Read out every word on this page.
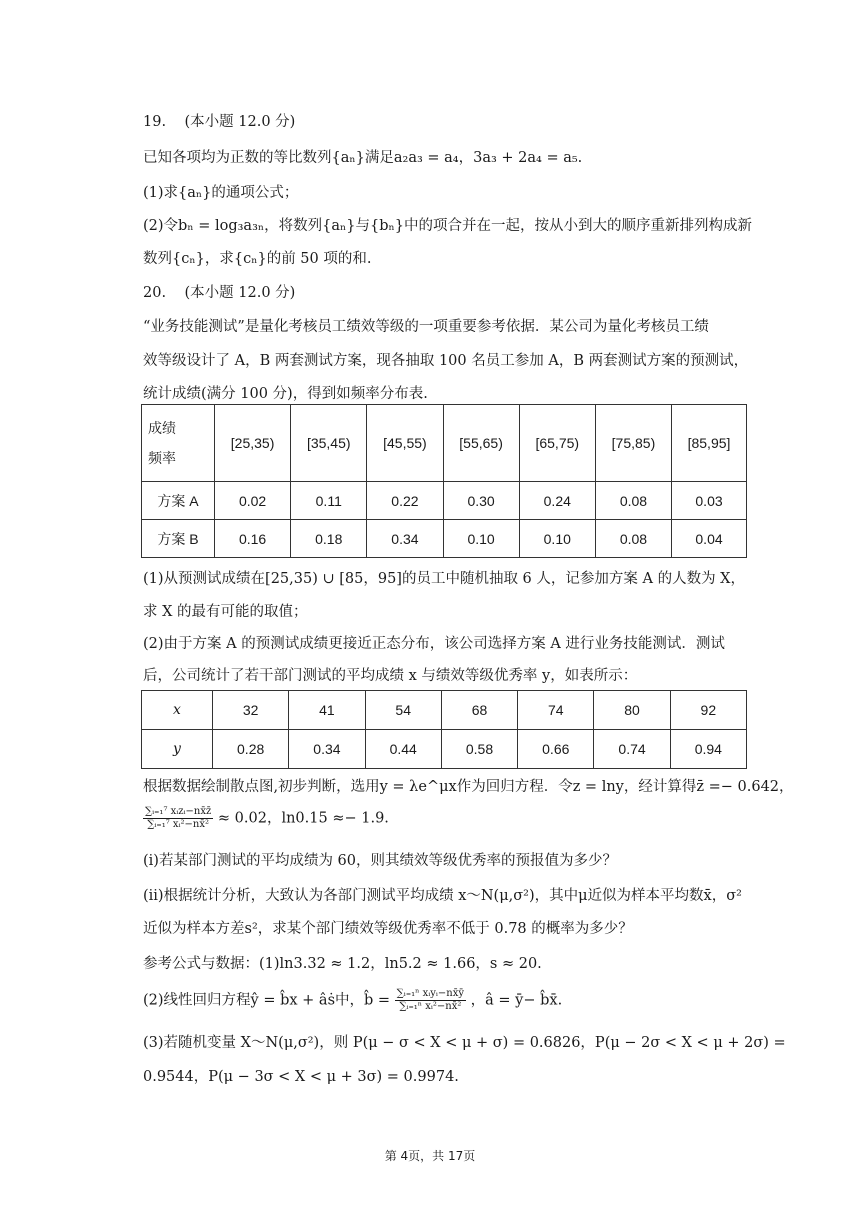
19. (本小题 12.0 分)
已知各项均为正数的等比数列{aₙ}满足a₂a₃ = a₄，3a₃ + 2a₄ = a₅.
(1)求{aₙ}的通项公式；
(2)令bₙ = log₃a₃ₙ，将数列{aₙ}与{bₙ}中的项合并在一起，按从小到大的顺序重新排列构成新
数列{cₙ}，求{cₙ}的前 50 项的和.
20. (本小题 12.0 分)
“业务技能测试”是量化考核员工绩效等级的一项重要参考依据．某公司为量化考核员工绩
效等级设计了 A，B 两套测试方案，现各抽取 100 名员工参加 A，B 两套测试方案的预测试，
统计成绩(满分 100 分)，得到如频率分布表.
成绩
频率	[25,35)	[35,45)	[45,55)	[55,65)	[65,75)	[75,85)	[85,95]
方案 A	0.02	0.11	0.22	0.30	0.24	0.08	0.03
方案 B	0.16	0.18	0.34	0.10	0.10	0.08	0.04
(1)从预测试成绩在[25,35) ∪ [85，95]的员工中随机抽取 6 人，记参加方案 A 的人数为 X，
求 X 的最有可能的取值；
(2)由于方案 A 的预测试成绩更接近正态分布，该公司选择方案 A 进行业务技能测试．测试
后，公司统计了若干部门测试的平均成绩 x 与绩效等级优秀率 y，如表所示：
x	32	41	54	68	74	80	92
y	0.28	0.34	0.44	0.58	0.66	0.74	0.94
根据数据绘制散点图,初步判断，选用y = λe^μx作为回归方程．令z = lny，经计算得z̄ =− 0.642，
$\frac{\text{∑ᵢ₌₁⁷ xᵢzᵢ−nx̄z̄}}{\text{∑ᵢ₌₁⁷ xᵢ²−nx̄²}} \approx 0.02$，ln0.15 ≈− 1.9.
(ⅰ)若某部门测试的平均成绩为 60，则其绩效等级优秀率的预报值为多少？
(ⅱ)根据统计分析，大致认为各部门测试平均成绩 x～N(μ,σ²)，其中μ近似为样本平均数x̄，σ²
近似为样本方差s²，求某个部门绩效等级优秀率不低于 0.78 的概率为多少？
参考公式与数据：(1)ln3.32 ≈ 1.2，ln5.2 ≈ 1.66，s ≈ 20.
(2)线性回归方程ŷ = b̂x + âṡ中，b̂ = $\frac{\text{∑ᵢ₌₁ⁿ xᵢyᵢ−nx̄ȳ}}{\text{∑ᵢ₌₁ⁿ xᵢ²−nx̄²}}$ ，â = ȳ− b̂x̄.
(3)若随机变量 X～N(μ,σ²)，则 P(μ − σ < X < μ + σ) = 0.6826，P(μ − 2σ < X < μ + 2σ) =
0.9544，P(μ − 3σ < X < μ + 3σ) = 0.9974.
第 4页，共 17页
